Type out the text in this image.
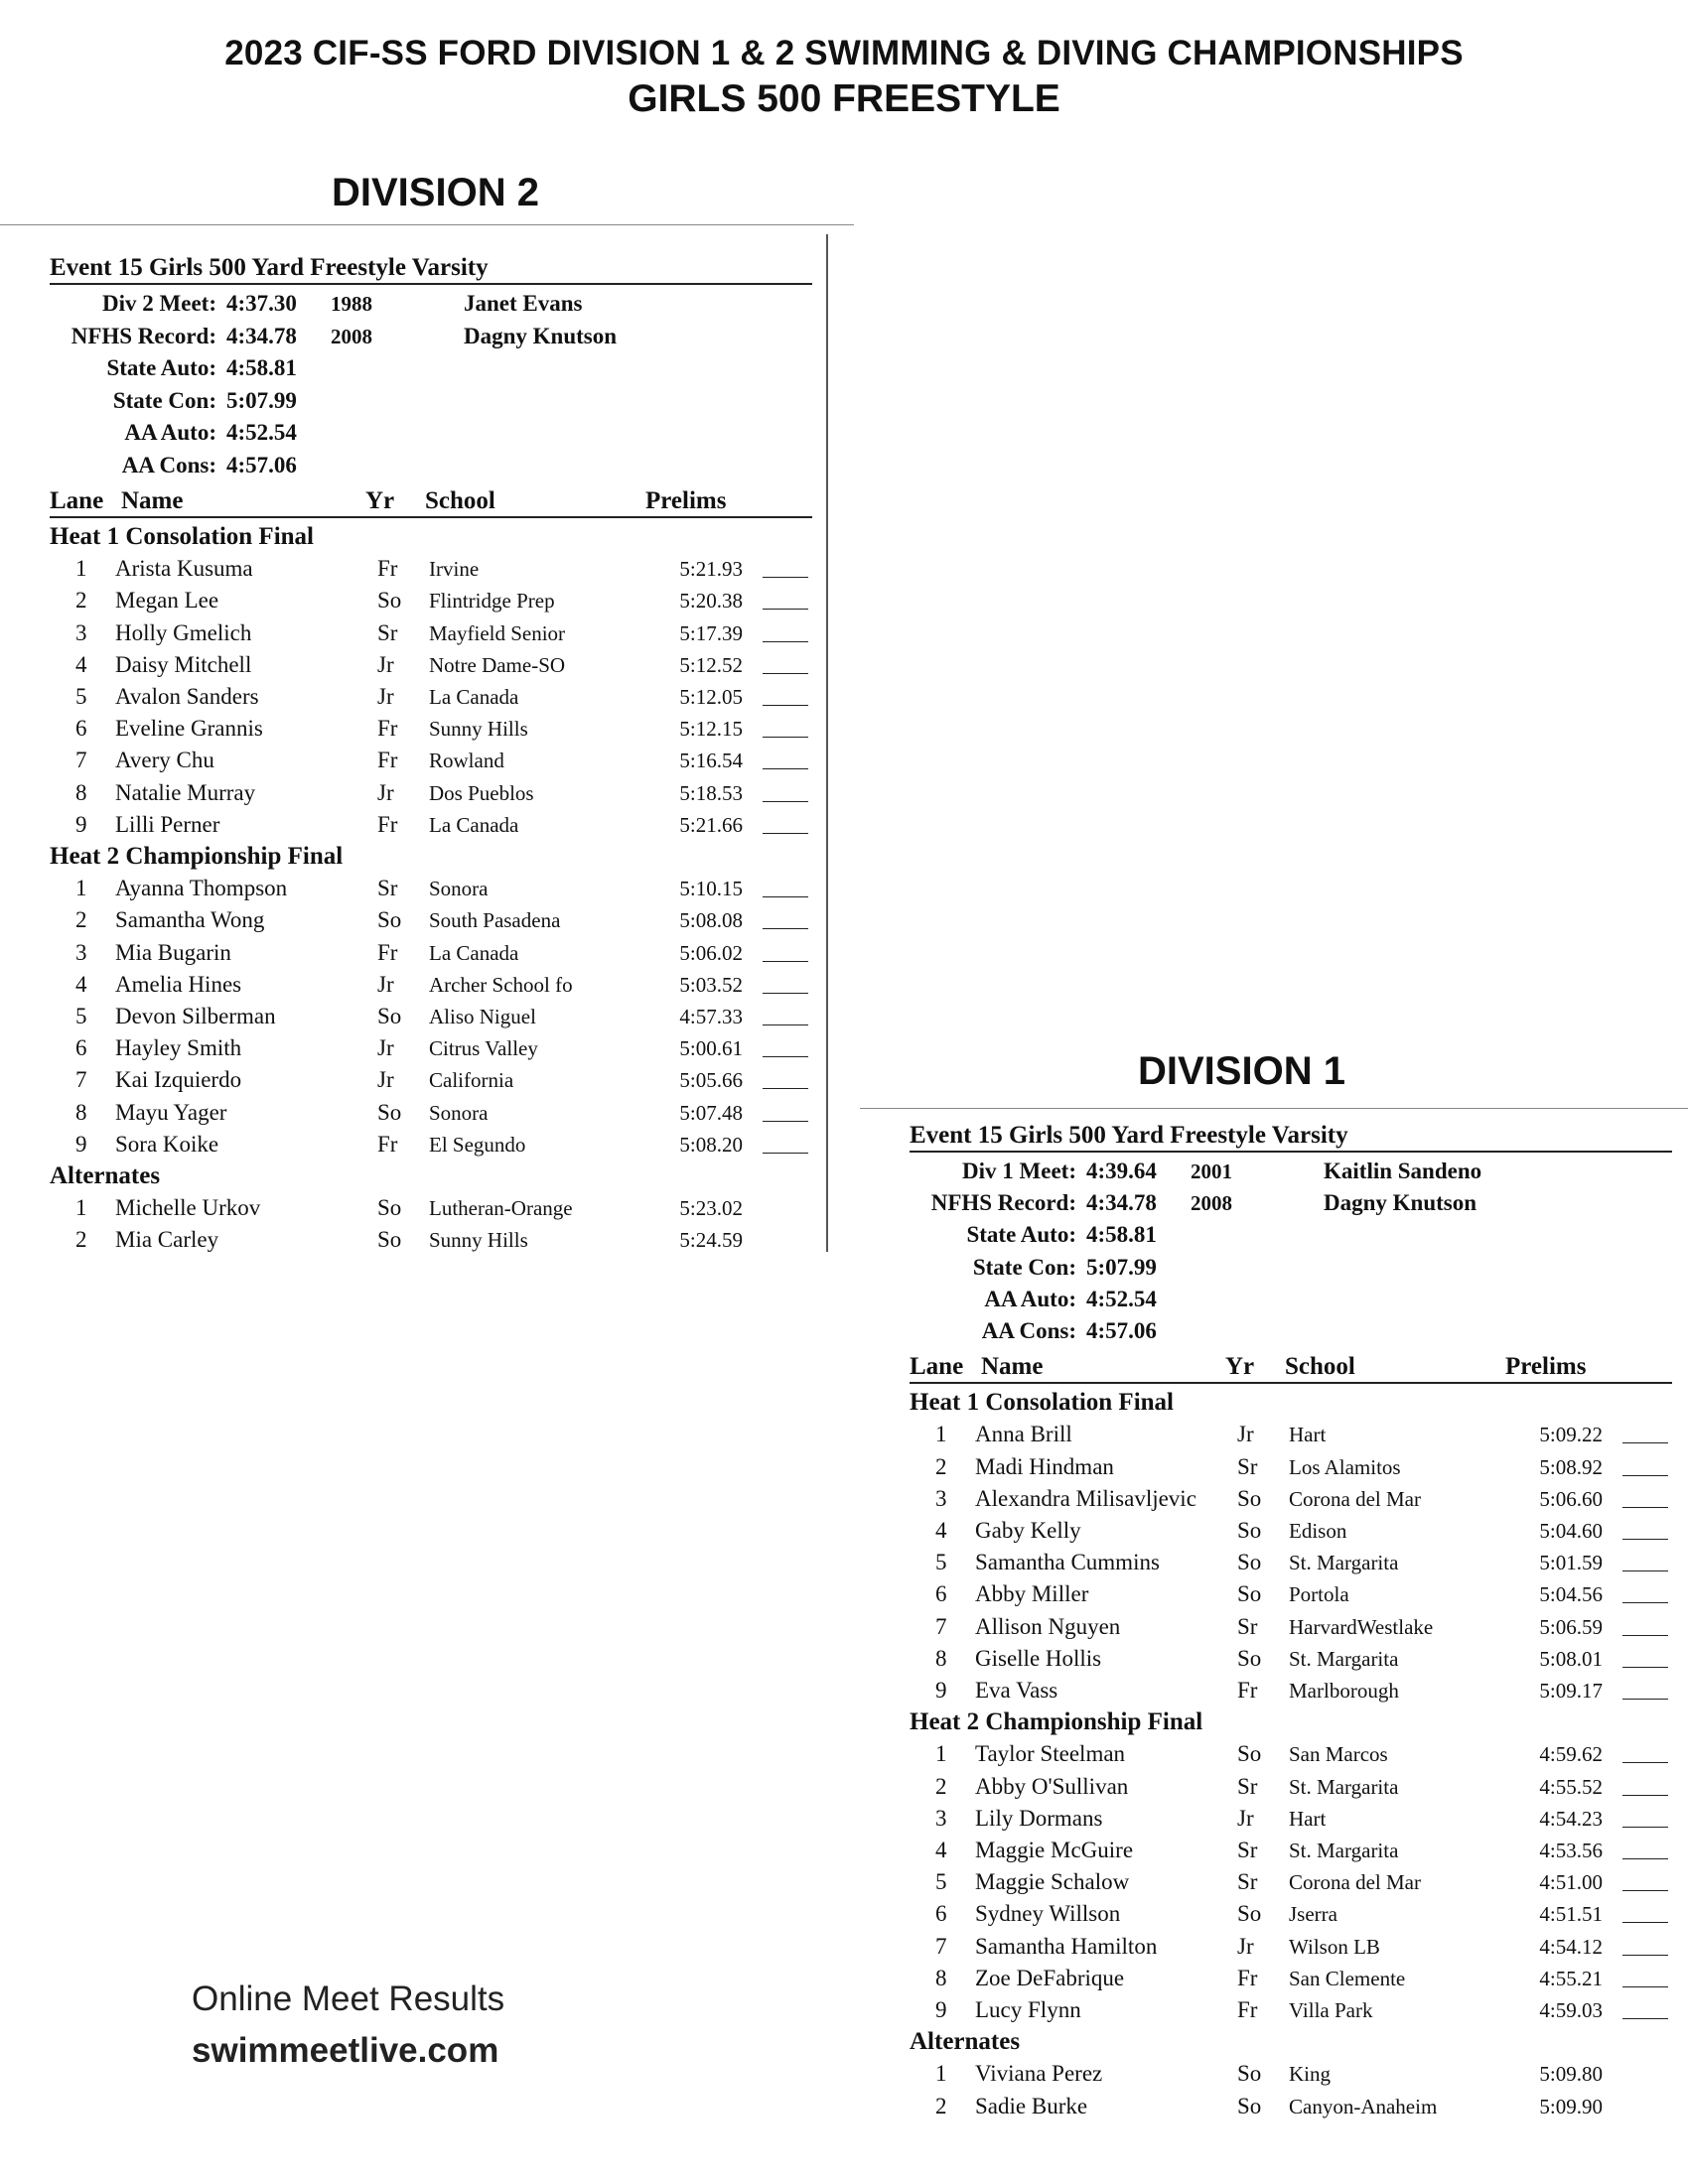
2023 CIF-SS FORD DIVISION 1 & 2 SWIMMING & DIVING CHAMPIONSHIPS
GIRLS 500 FREESTYLE
DIVISION 2
Event 15 Girls 500 Yard Freestyle Varsity
Div 2 Meet: 4:37.30 1988	Janet Evans
NFHS Record: 4:34.78 2008	Dagny Knutson
State Auto: 4:58.81
State Con: 5:07.99
AA Auto: 4:52.54
AA Cons: 4:57.06
Lane Name	Yr School	Prelims
Heat 1 Consolation Final
1 Arista Kusuma	Fr Irvine	5:21.93
2 Megan Lee	So Flintridge Prep	5:20.38
3 Holly Gmelich	Sr Mayfield Senior	5:17.39
4 Daisy Mitchell	Jr Notre Dame-SO	5:12.52
5 Avalon Sanders	Jr La Canada	5:12.05
6 Eveline Grannis	Fr Sunny Hills	5:12.15
7 Avery Chu	Fr Rowland	5:16.54
8 Natalie Murray	Jr Dos Pueblos	5:18.53
9 Lilli Perner	Fr La Canada	5:21.66
Heat 2 Championship Final
1 Ayanna Thompson	Sr Sonora	5:10.15
2 Samantha Wong	So South Pasadena	5:08.08
3 Mia Bugarin	Fr La Canada	5:06.02
4 Amelia Hines	Jr Archer School fo	5:03.52
5 Devon Silberman	So Aliso Niguel	4:57.33
6 Hayley Smith	Jr Citrus Valley	5:00.61
7 Kai Izquierdo	Jr California	5:05.66
8 Mayu Yager	So Sonora	5:07.48
9 Sora Koike	Fr El Segundo	5:08.20
Alternates
1 Michelle Urkov	So Lutheran-Orange	5:23.02
2 Mia Carley	So Sunny Hills	5:24.59
DIVISION 1
Event 15 Girls 500 Yard Freestyle Varsity
Div 1 Meet: 4:39.64 2001	Kaitlin Sandeno
NFHS Record: 4:34.78 2008	Dagny Knutson
State Auto: 4:58.81
State Con: 5:07.99
AA Auto: 4:52.54
AA Cons: 4:57.06
Lane Name	Yr School	Prelims
Heat 1 Consolation Final
1 Anna Brill	Jr Hart	5:09.22
2 Madi Hindman	Sr Los Alamitos	5:08.92
3 Alexandra Milisavljevic So Corona del Mar	5:06.60
4 Gaby Kelly	So Edison	5:04.60
5 Samantha Cummins	So St. Margarita	5:01.59
6 Abby Miller	So Portola	5:04.56
7 Allison Nguyen	Sr HarvardWestlake	5:06.59
8 Giselle Hollis	So St. Margarita	5:08.01
9 Eva Vass	Fr Marlborough	5:09.17
Heat 2 Championship Final
1 Taylor Steelman	So San Marcos	4:59.62
2 Abby O'Sullivan	Sr St. Margarita	4:55.52
3 Lily Dormans	Jr Hart	4:54.23
4 Maggie McGuire	Sr St. Margarita	4:53.56
5 Maggie Schalow	Sr Corona del Mar	4:51.00
6 Sydney Willson	So Jserra	4:51.51
7 Samantha Hamilton	Jr Wilson LB	4:54.12
8 Zoe DeFabrique	Fr San Clemente	4:55.21
9 Lucy Flynn	Fr Villa Park	4:59.03
Alternates
1 Viviana Perez	So King	5:09.80
2 Sadie Burke	So Canyon-Anaheim	5:09.90
Online Meet Results
swimmeetlive.com
